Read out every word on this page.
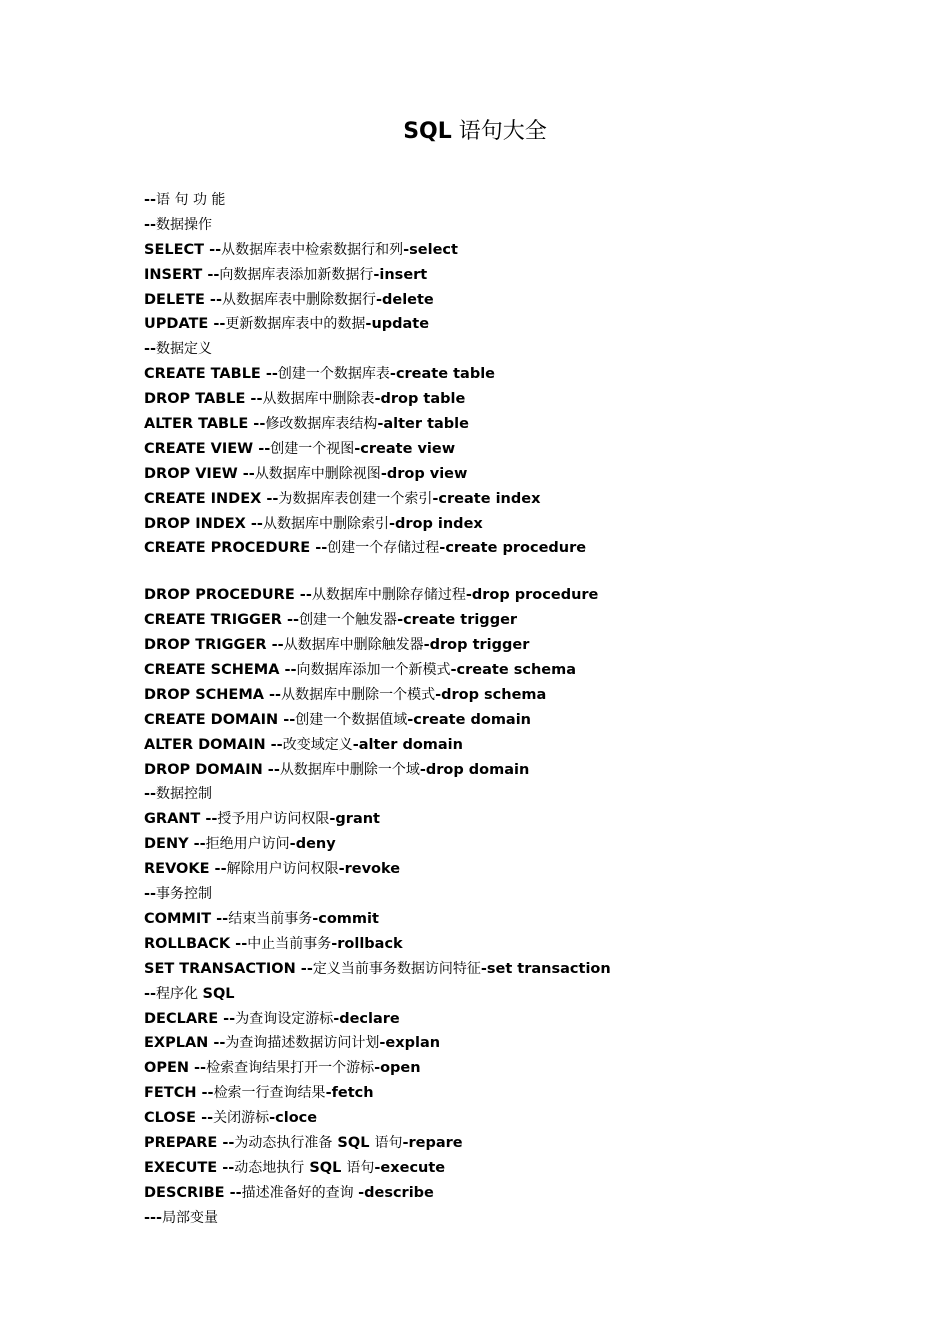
SQL 语句大全
--语 句 功 能
--数据操作
SELECT --从数据库表中检索数据行和列-select
INSERT --向数据库表添加新数据行-insert
DELETE --从数据库表中删除数据行-delete
UPDATE --更新数据库表中的数据-update
--数据定义
CREATE TABLE --创建一个数据库表-create table
DROP TABLE --从数据库中删除表-drop table
ALTER TABLE --修改数据库表结构-alter table
CREATE VIEW --创建一个视图-create view
DROP VIEW --从数据库中删除视图-drop view
CREATE INDEX --为数据库表创建一个索引-create index
DROP INDEX --从数据库中删除索引-drop index
CREATE PROCEDURE --创建一个存储过程-create procedure
DROP PROCEDURE --从数据库中删除存储过程-drop procedure
CREATE TRIGGER --创建一个触发器-create trigger
DROP TRIGGER --从数据库中删除触发器-drop trigger
CREATE SCHEMA --向数据库添加一个新模式-create schema
DROP SCHEMA --从数据库中删除一个模式-drop schema
CREATE DOMAIN --创建一个数据值域-create domain
ALTER DOMAIN --改变域定义-alter domain
DROP DOMAIN --从数据库中删除一个域-drop domain
--数据控制
GRANT --授予用户访问权限-grant
DENY --拒绝用户访问-deny
REVOKE --解除用户访问权限-revoke
--事务控制
COMMIT --结束当前事务-commit
ROLLBACK --中止当前事务-rollback
SET TRANSACTION --定义当前事务数据访问特征-set transaction
--程序化 SQL
DECLARE --为查询设定游标-declare
EXPLAN --为查询描述数据访问计划-explan
OPEN --检索查询结果打开一个游标-open
FETCH --检索一行查询结果-fetch
CLOSE --关闭游标-cloce
PREPARE --为动态执行准备 SQL 语句-repare
EXECUTE --动态地执行 SQL 语句-execute
DESCRIBE --描述准备好的查询 -describe
---局部变量
